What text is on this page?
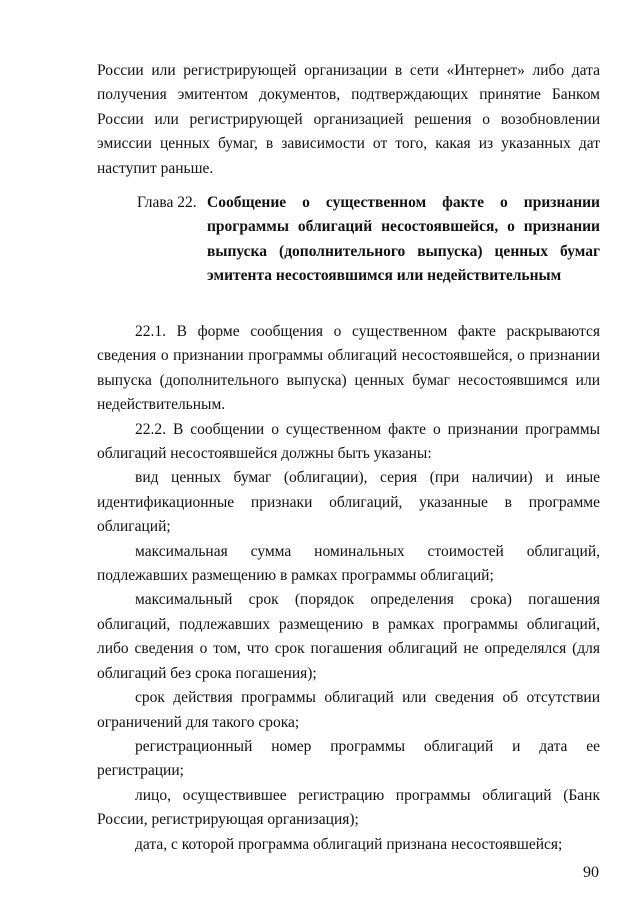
России или регистрирующей организации в сети «Интернет» либо дата получения эмитентом документов, подтверждающих принятие Банком России или регистрирующей организацией решения о возобновлении эмиссии ценных бумаг, в зависимости от того, какая из указанных дат наступит раньше.

Глава 22. Сообщение о существенном факте о признании программы облигаций несостоявшейся, о признании выпуска (дополнительного выпуска) ценных бумаг эмитента несостоявшимся или недействительным

22.1. В форме сообщения о существенном факте раскрываются сведения о признании программы облигаций несостоявшейся, о признании выпуска (дополнительного выпуска) ценных бумаг несостоявшимся или недействительным.

22.2. В сообщении о существенном факте о признании программы облигаций несостоявшейся должны быть указаны:

вид ценных бумаг (облигации), серия (при наличии) и иные идентификационные признаки облигаций, указанные в программе облигаций;

максимальная сумма номинальных стоимостей облигаций, подлежавших размещению в рамках программы облигаций;

максимальный срок (порядок определения срока) погашения облигаций, подлежавших размещению в рамках программы облигаций, либо сведения о том, что срок погашения облигаций не определялся (для облигаций без срока погашения);

срок действия программы облигаций или сведения об отсутствии ограничений для такого срока;

регистрационный номер программы облигаций и дата ее регистрации;

лицо, осуществившее регистрацию программы облигаций (Банк России, регистрирующая организация);

дата, с которой программа облигаций признана несостоявшейся;

90
